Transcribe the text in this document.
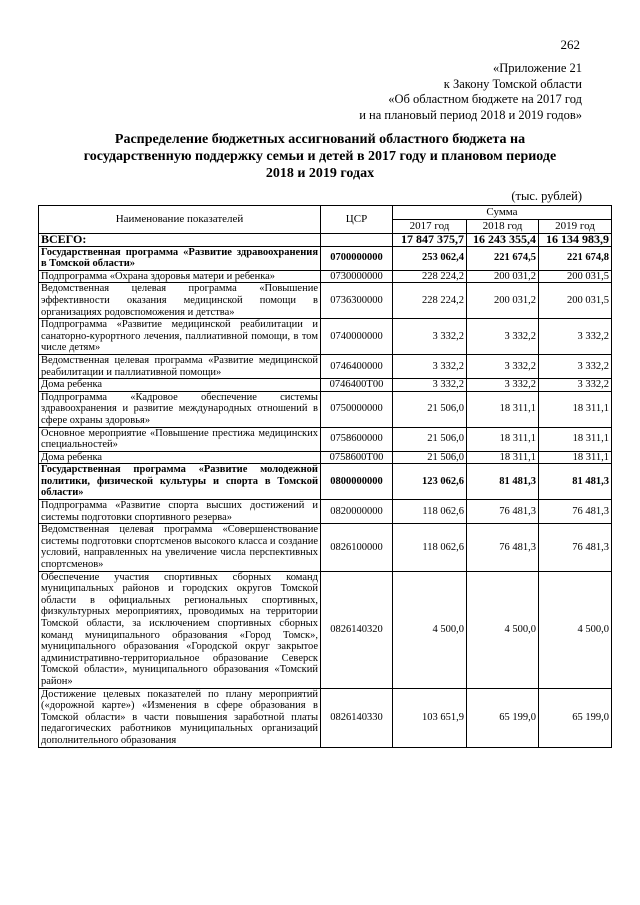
262
«Приложение 21
к Закону Томской области
«Об областном бюджете на 2017 год
и на плановый период 2018 и 2019 годов»
Распределение бюджетных ассигнований областного бюджета на
государственную поддержку семьи и детей в 2017 году и плановом периоде
2018 и 2019 годах
(тыс. рублей)
Наименование показателей	ЦСР	Сумма		
		2017 год	2018 год	2019 год
ВСЕГО:		17 847 375,7	16 243 355,4	16 134 983,9
Государственная программа «Развитие здравоохранения в Томской области»	0700000000	253 062,4	221 674,5	221 674,8
Подпрограмма «Охрана здоровья матери и ребенка»	0730000000	228 224,2	200 031,2	200 031,5
Ведомственная целевая программа «Повышение эффективности оказания медицинской помощи в организациях родовспоможения и детства»	0736300000	228 224,2	200 031,2	200 031,5
Подпрограмма «Развитие медицинской реабилитации и санаторно-курортного лечения, паллиативной помощи, в том числе детям»	0740000000	3 332,2	3 332,2	3 332,2
Ведомственная целевая программа «Развитие медицинской реабилитации и паллиативной помощи»	0746400000	3 332,2	3 332,2	3 332,2
Дома ребенка	0746400Т00	3 332,2	3 332,2	3 332,2
Подпрограмма «Кадровое обеспечение системы здравоохранения и развитие международных отношений в сфере охраны здоровья»	0750000000	21 506,0	18 311,1	18 311,1
Основное мероприятие «Повышение престижа медицинских специальностей»	0758600000	21 506,0	18 311,1	18 311,1
Дома ребенка	0758600Т00	21 506,0	18 311,1	18 311,1
Государственная программа «Развитие молодежной политики, физической культуры и спорта в Томской области»	0800000000	123 062,6	81 481,3	81 481,3
Подпрограмма «Развитие спорта высших достижений и системы подготовки спортивного резерва»	0820000000	118 062,6	76 481,3	76 481,3
Ведомственная целевая программа «Совершенствование системы подготовки спортсменов высокого класса и создание условий, направленных на увеличение числа перспективных спортсменов»	0826100000	118 062,6	76 481,3	76 481,3
Обеспечение участия спортивных сборных команд муниципальных районов и городских округов Томской области в официальных региональных спортивных, физкультурных мероприятиях, проводимых на территории Томской области, за исключением спортивных сборных команд муниципального образования «Город Томск», муниципального образования «Городской округ закрытое административно-территориальное образование Северск Томской области», муниципального образования «Томский район»	0826140320	4 500,0	4 500,0	4 500,0
Достижение целевых показателей по плану мероприятий («дорожной карте») «Изменения в сфере образования в Томской области» в части повышения заработной платы педагогических работников муниципальных организаций дополнительного образования	0826140330	103 651,9	65 199,0	65 199,0
